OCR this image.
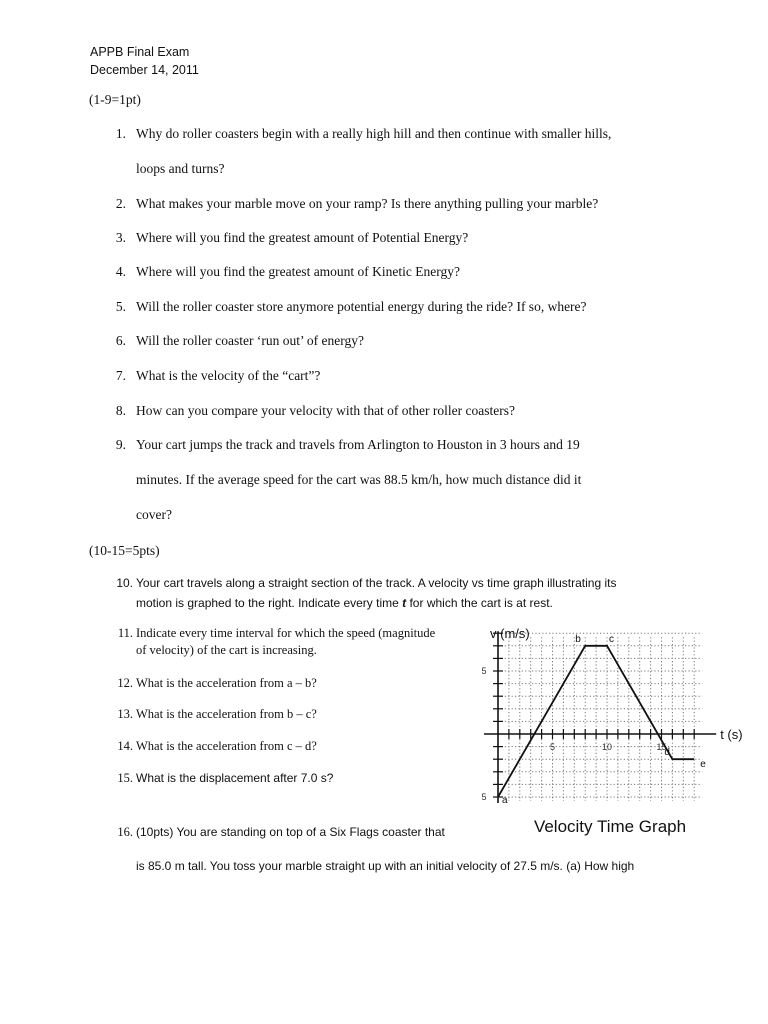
APPB Final Exam
December 14, 2011
(1-9=1pt)
1. Why do roller coasters begin with a really high hill and then continue with smaller hills,
loops and turns?
2. What makes your marble move on your ramp? Is there anything pulling your marble?
3. Where will you find the greatest amount of Potential Energy?
4. Where will you find the greatest amount of Kinetic Energy?
5. Will the roller coaster store anymore potential energy during the ride? If so, where?
6. Will the roller coaster ‘run out’ of energy?
7. What is the velocity of the “cart”?
8. How can you compare your velocity with that of other roller coasters?
9. Your cart jumps the track and travels from Arlington to Houston in 3 hours and 19
minutes. If the average speed for the cart was 88.5 km/h, how much distance did it
cover?
(10-15=5pts)
10. Your cart travels along a straight section of the track. A velocity vs time graph illustrating its
motion is graphed to the right. Indicate every time t for which the cart is at rest.
11. Indicate every time interval for which the speed (magnitude
of velocity) of the cart is increasing.
12. What is the acceleration from a – b?
13. What is the acceleration from b – c?
14. What is the acceleration from c – d?
15. What is the displacement after 7.0 s?
16. (10pts) You are standing on top of a Six Flags coaster that
is 85.0 m tall. You toss your marble straight up with an initial velocity of 27.5 m/s. (a) How high
5	10	15
5
5
v (m/s)
t (s)
a
b	c
d
e
Velocity Time Graph
